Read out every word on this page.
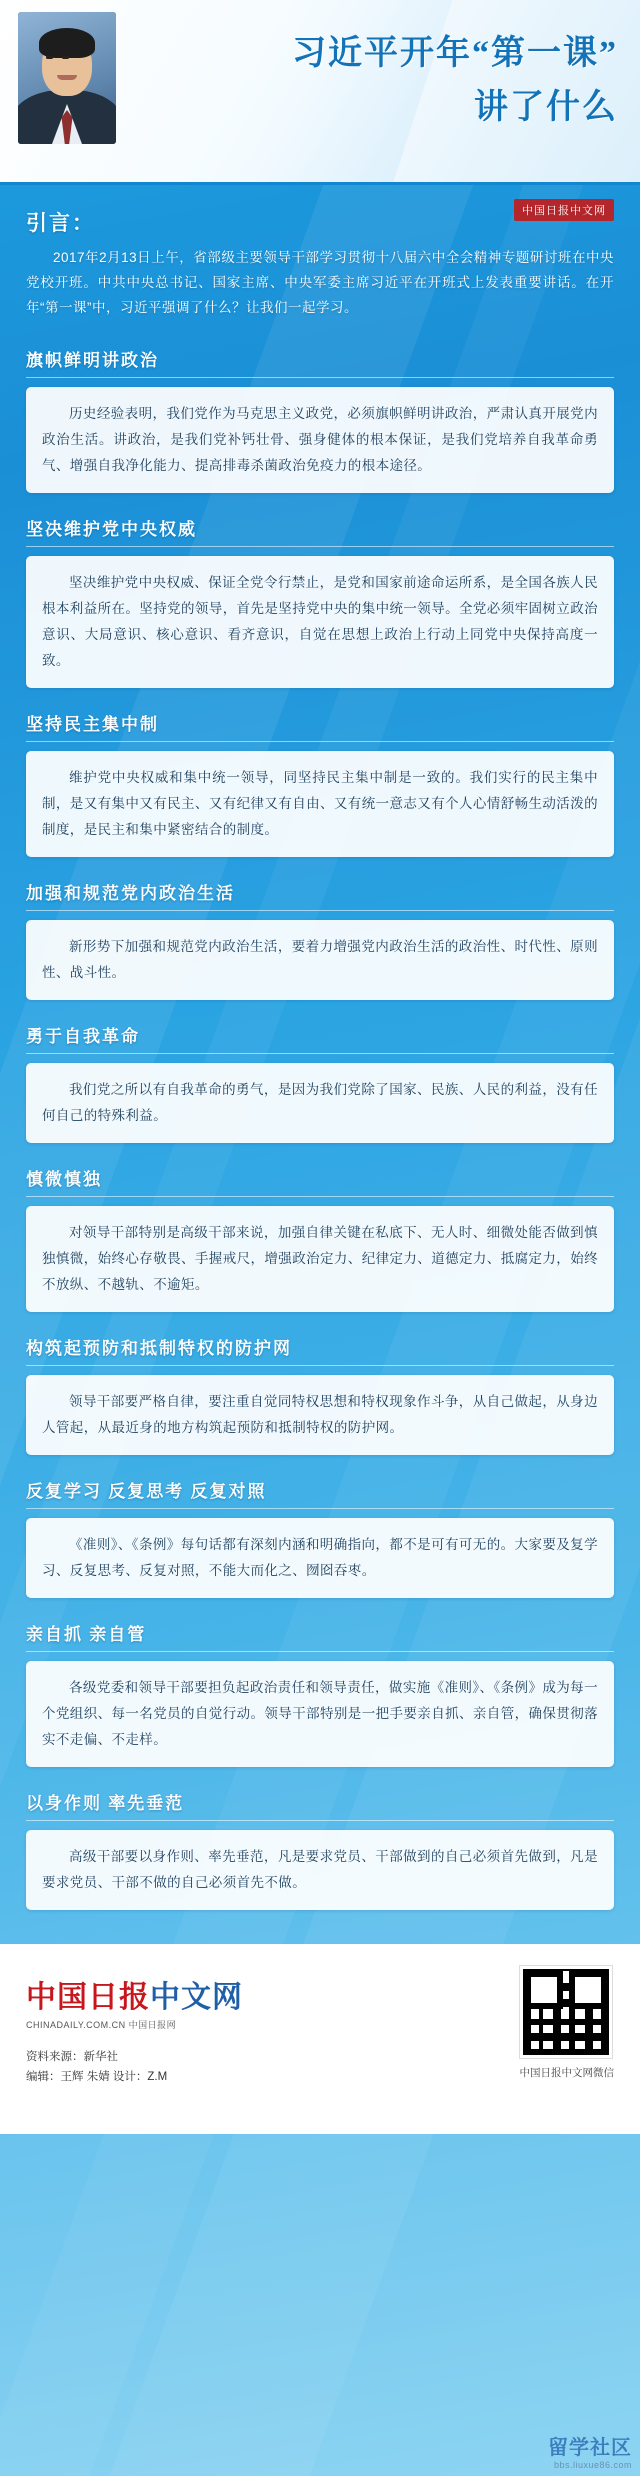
习近平开年“第一课”
讲了什么
中国日报中文网
引言：
2017年2月13日上午，省部级主要领导干部学习贯彻十八届六中全会精神专题研讨班在中央党校开班。中共中央总书记、国家主席、中央军委主席习近平在开班式上发表重要讲话。在开年“第一课”中，习近平强调了什么？让我们一起学习。
旗帜鲜明讲政治
历史经验表明，我们党作为马克思主义政党，必须旗帜鲜明讲政治，严肃认真开展党内政治生活。讲政治，是我们党补钙壮骨、强身健体的根本保证，是我们党培养自我革命勇气、增强自我净化能力、提高排毒杀菌政治免疫力的根本途径。
坚决维护党中央权威
坚决维护党中央权威、保证全党令行禁止，是党和国家前途命运所系，是全国各族人民根本利益所在。坚持党的领导，首先是坚持党中央的集中统一领导。全党必须牢固树立政治意识、大局意识、核心意识、看齐意识，自觉在思想上政治上行动上同党中央保持高度一致。
坚持民主集中制
维护党中央权威和集中统一领导，同坚持民主集中制是一致的。我们实行的民主集中制，是又有集中又有民主、又有纪律又有自由、又有统一意志又有个人心情舒畅生动活泼的制度，是民主和集中紧密结合的制度。
加强和规范党内政治生活
新形势下加强和规范党内政治生活，要着力增强党内政治生活的政治性、时代性、原则性、战斗性。
勇于自我革命
我们党之所以有自我革命的勇气，是因为我们党除了国家、民族、人民的利益，没有任何自己的特殊利益。
慎微慎独
对领导干部特别是高级干部来说，加强自律关键在私底下、无人时、细微处能否做到慎独慎微，始终心存敬畏、手握戒尺，增强政治定力、纪律定力、道德定力、抵腐定力，始终不放纵、不越轨、不逾矩。
构筑起预防和抵制特权的防护网
领导干部要严格自律，要注重自觉同特权思想和特权现象作斗争，从自己做起，从身边人管起，从最近身的地方构筑起预防和抵制特权的防护网。
反复学习 反复思考 反复对照
《准则》、《条例》每句话都有深刻内涵和明确指向，都不是可有可无的。大家要及复学习、反复思考、反复对照，不能大而化之、囫囵吞枣。
亲自抓 亲自管
各级党委和领导干部要担负起政治责任和领导责任，做实施《准则》、《条例》成为每一个党组织、每一名党员的自觉行动。领导干部特别是一把手要亲自抓、亲自管，确保贯彻落实不走偏、不走样。
以身作则 率先垂范
高级干部要以身作则、率先垂范，凡是要求党员、干部做到的自己必须首先做到，凡是要求党员、干部不做的自己必须首先不做。
中国日报中文网
CHINADAILY.COM.CN 中国日报网
资料来源：新华社
编辑：王辉 朱婧 设计：Z.M	中国日报中文网微信
留学社区
bbs.liuxue86.com
